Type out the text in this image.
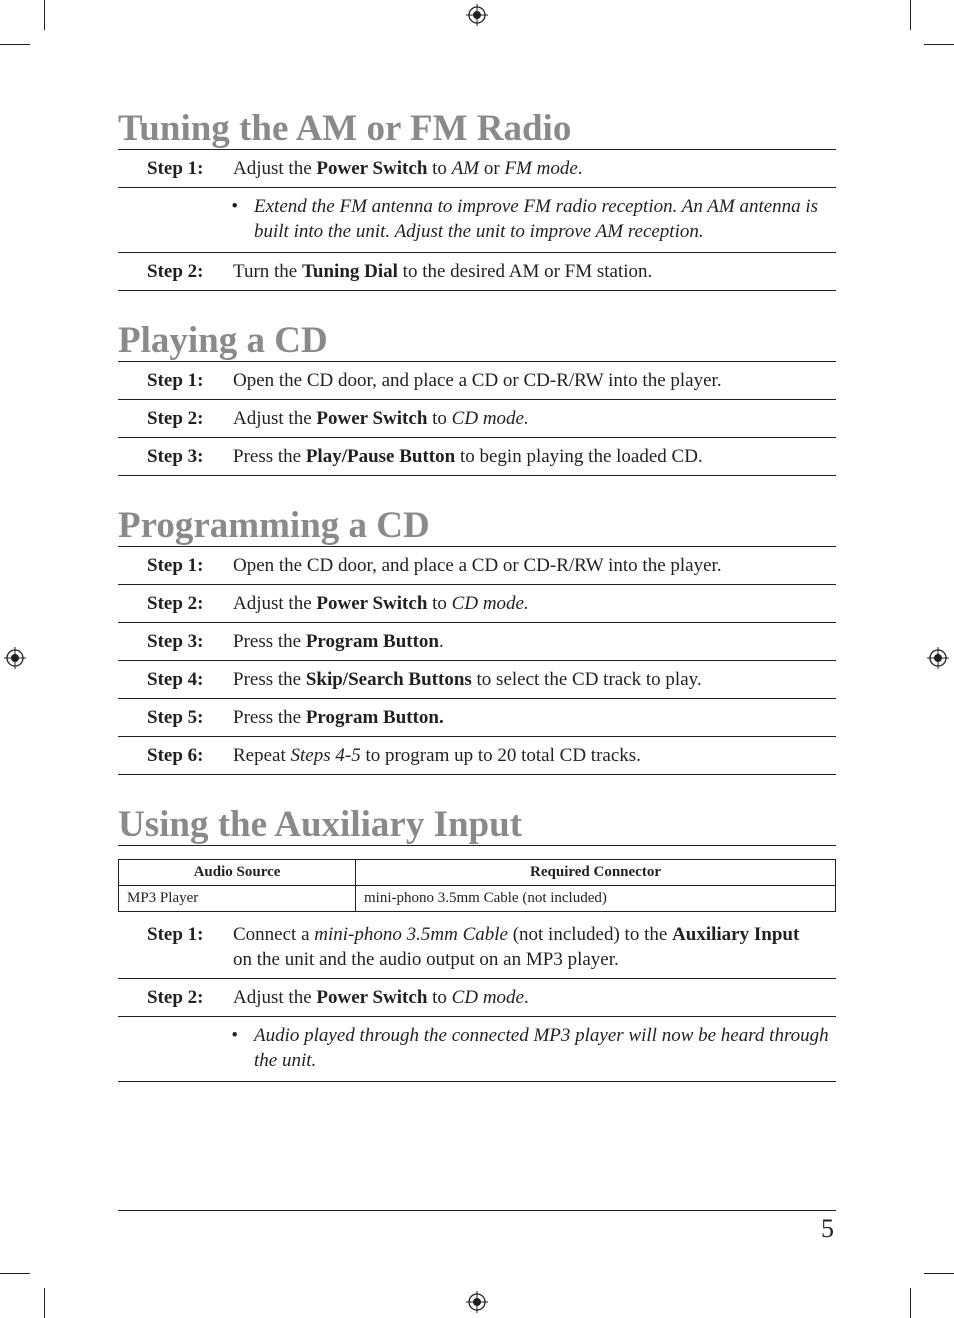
Tuning the AM or FM Radio
Step 1:	Adjust the Power Switch to AM or FM mode.
• Extend the FM antenna to improve FM radio reception. An AM antenna is built into the unit. Adjust the unit to improve AM reception.
Step 2:	Turn the Tuning Dial to the desired AM or FM station.
Playing a CD
Step 1:	Open the CD door, and place a CD or CD-R/RW into the player.
Step 2:	Adjust the Power Switch to CD mode.
Step 3:	Press the Play/Pause Button to begin playing the loaded CD.
Programming a CD
Step 1:	Open the CD door, and place a CD or CD-R/RW into the player.
Step 2:	Adjust the Power Switch to CD mode.
Step 3:	Press the Program Button.
Step 4:	Press the Skip/Search Buttons to select the CD track to play.
Step 5:	Press the Program Button.
Step 6:	Repeat Steps 4-5 to program up to 20 total CD tracks.
Using the Auxiliary Input
Audio Source	Required Connector
MP3 Player	mini-phono 3.5mm Cable (not included)
Step 1:	Connect a mini-phono 3.5mm Cable (not included) to the Auxiliary Input on the unit and the audio output on an MP3 player.
Step 2:	Adjust the Power Switch to CD mode.
• Audio played through the connected MP3 player will now be heard through the unit.
5
